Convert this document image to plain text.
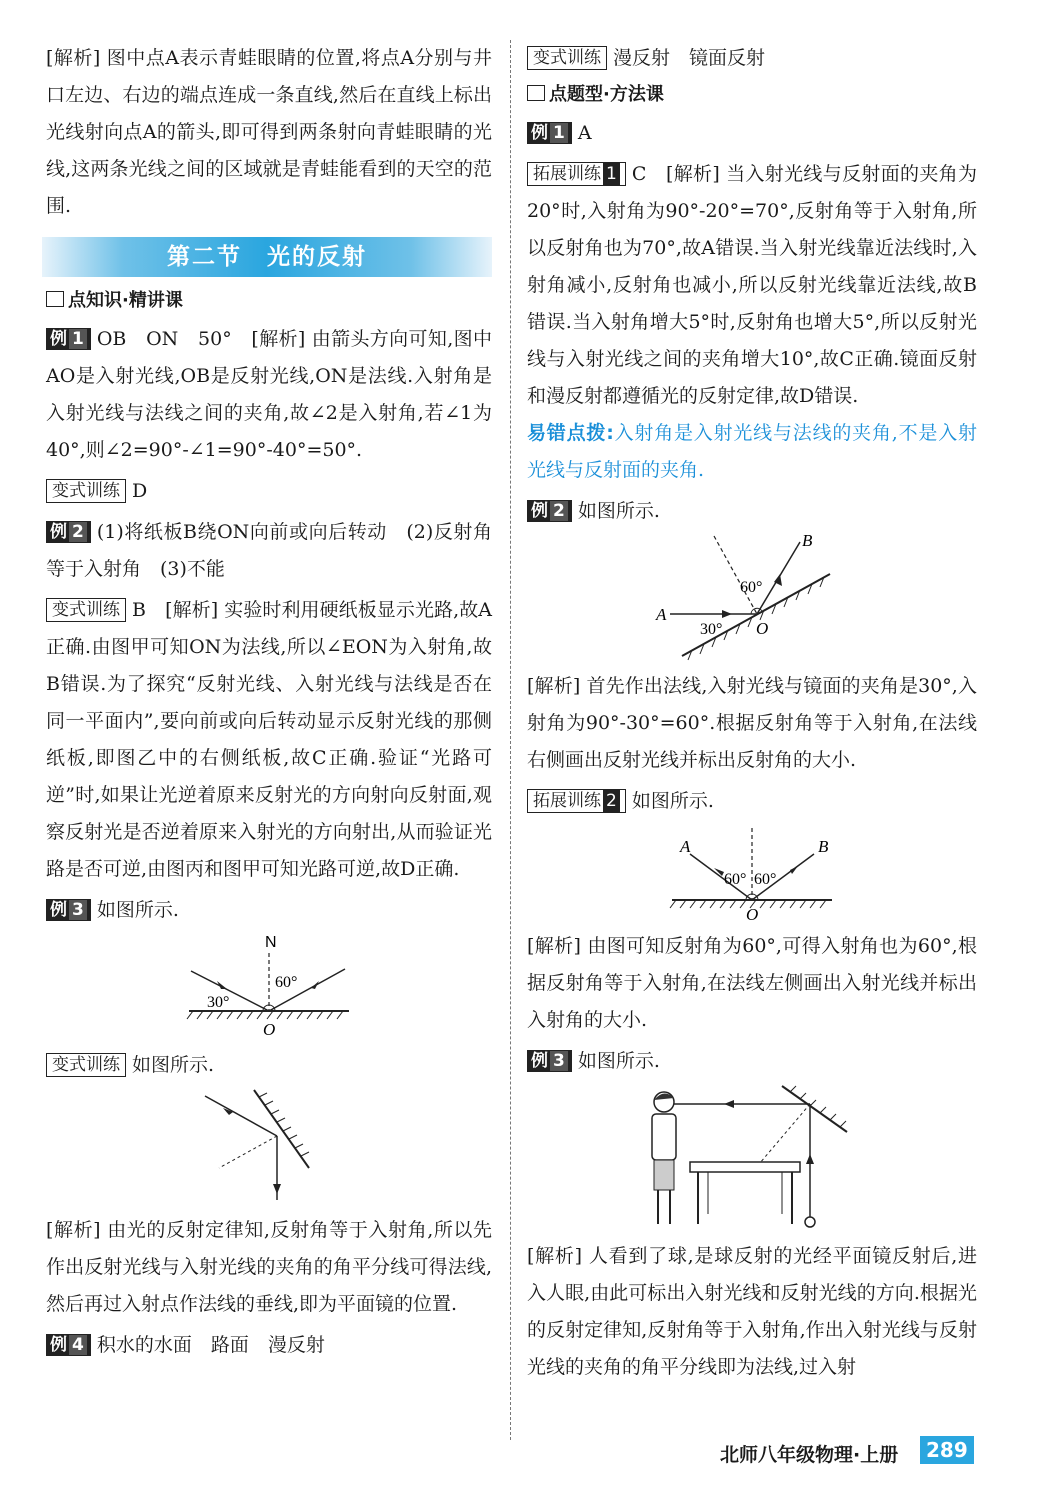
[解析] 图中点A表示青蛙眼睛的位置,将点A分别与井口左边、右边的端点连成一条直线,然后在直线上标出光线射向点A的箭头,即可得到两条射向青蛙眼睛的光线,这两条光线之间的区域就是青蛙能看到的天空的范围.

第二节　光的反射
点知识·精讲课

例 1 OB　ON　50°　[解析] 由箭头方向可知,图中AO是入射光线,OB是反射光线,ON是法线.入射角是入射光线与法线之间的夹角,故∠2是入射角,若∠1为40°,则∠2=90°-∠1=90°-40°=50°.

变式训练 D

例 2 (1)将纸板B绕ON向前或向后转动　(2)反射角等于入射角　(3)不能

变式训练 B　[解析] 实验时利用硬纸板显示光路,故A正确.由图甲可知ON为法线,所以∠EON为入射角,故B错误.为了探究“反射光线、入射光线与法线是否在同一平面内”,要向前或向后转动显示反射光线的那侧纸板,即图乙中的右侧纸板,故C正确.验证“光路可逆”时,如果让光逆着原来反射光的方向射向反射面,观察反射光是否逆着原来入射光的方向射出,从而验证光路是否可逆,由图丙和图甲可知光路可逆,故D正确.

例 3 如图所示.

N
O
30°
60°

变式训练 如图所示.

[解析] 由光的反射定律知,反射角等于入射角,所以先作出反射光线与入射光线的夹角的角平分线可得法线,然后再过入射点作法线的垂线,即为平面镜的位置.

例 4 积水的水面　路面　漫反射

变式训练 漫反射　镜面反射

点题型·方法课

例 1 A

拓展训练 1 C　[解析] 当入射光线与反射面的夹角为20°时,入射角为90°-20°=70°,反射角等于入射角,所以反射角也为70°,故A错误.当入射光线靠近法线时,入射角减小,反射角也减小,所以反射光线靠近法线,故B错误.当入射角增大5°时,反射角也增大5°,所以反射光线与入射光线之间的夹角增大10°,故C正确.镜面反射和漫反射都遵循光的反射定律,故D错误.

易错点拨:入射角是入射光线与法线的夹角,不是入射光线与反射面的夹角.

例 2 如图所示.

A
B
O
30°
60°

[解析] 首先作出法线,入射光线与镜面的夹角是30°,入射角为90°-30°=60°.根据反射角等于入射角,在法线右侧画出反射光线并标出反射角的大小.

拓展训练 2 如图所示.

A	B
O
60° 60°

[解析] 由图可知反射角为60°,可得入射角也为60°,根据反射角等于入射角,在法线左侧画出入射光线并标出入射角的大小.

例 3 如图所示.

[解析] 人看到了球,是球反射的光经平面镜反射后,进入人眼,由此可标出入射光线和反射光线的方向.根据光的反射定律知,反射角等于入射角,作出入射光线与反射光线的夹角的角平分线即为法线,过入射

北师八年级物理·上册	289
